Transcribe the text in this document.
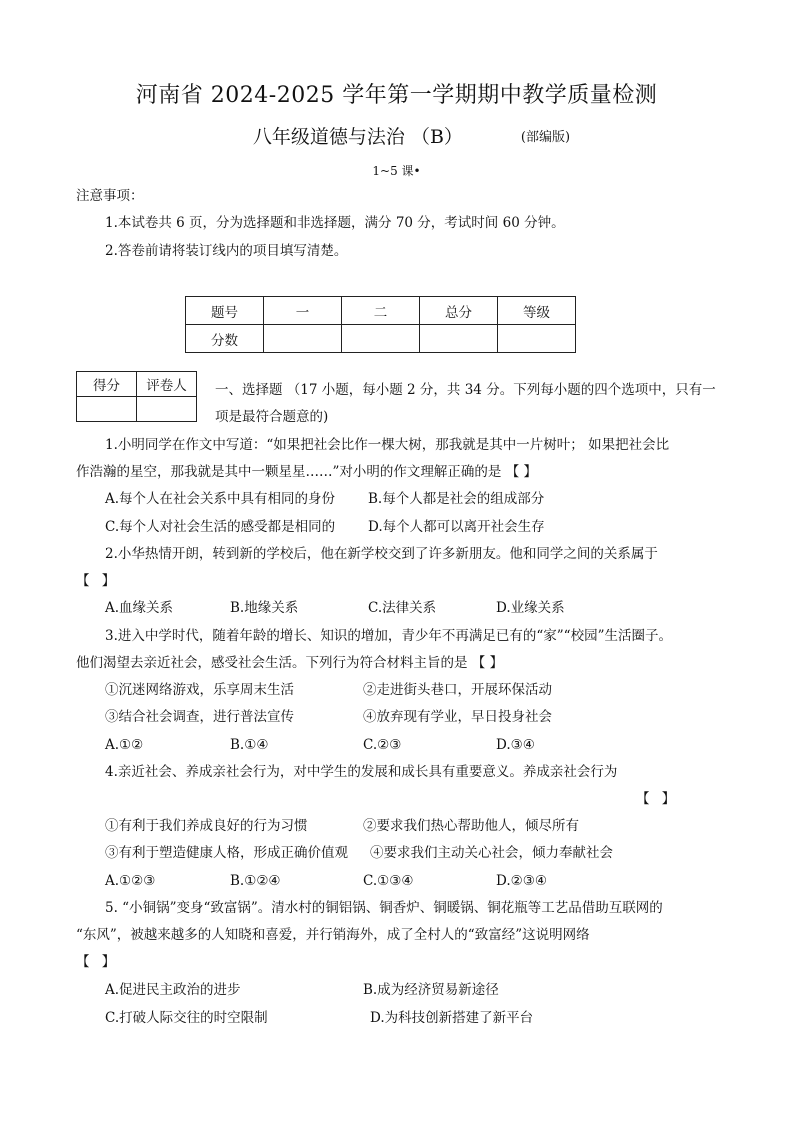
河南省 2024-2025 学年第一学期期中教学质量检测
八年级道德与法治 （B）	(部编版)
1~5 课•
注意事项：
1.本试卷共 6 页，分为选择题和非选择题，满分 70 分，考试时间 60 分钟。
2.答卷前请将装订线内的项目填写清楚。
题号	一	二	总分	等级
分数				
得分	评卷人
	一、选择题 （17 小题，每小题 2 分，共 34 分。下列每小题的四个选项中，只有一
项是最符合题意的)
1.小明同学在作文中写道：“如果把社会比作一棵大树，那我就是其中一片树叶； 如果把社会比
作浩瀚的星空，那我就是其中一颗星星……”对小明的作文理解正确的是 【 】
A.每个人在社会关系中具有相同的身份 B.每个人都是社会的组成部分
C.每个人对社会生活的感受都是相同的 D.每个人都可以离开社会生存
2.小华热情开朗，转到新的学校后，他在新学校交到了许多新朋友。他和同学之间的关系属于
【 】
A.血缘关系	B.地缘关系	C.法律关系	D.业缘关系
3.进入中学时代，随着年龄的增长、知识的增加，青少年不再满足已有的“家”“校园”生活圈子。
他们渴望去亲近社会，感受社会生活。下列行为符合材料主旨的是 【 】
①沉迷网络游戏，乐享周末生活	②走进街头巷口，开展环保活动
③结合社会调查，进行普法宣传	④放弃现有学业，早日投身社会
A.①②	B.①④	C.②③	D.③④
4.亲近社会、养成亲社会行为，对中学生的发展和成长具有重要意义。养成亲社会行为
【 】
①有利于我们养成良好的行为习惯	②要求我们热心帮助他人，倾尽所有
③有利于塑造健康人格，形成正确价值观 ④要求我们主动关心社会，倾力奉献社会
A.①②③	B.①②④	C.①③④	D.②③④
5. “小铜锅”变身“致富锅”。清水村的铜铝锅、铜香炉、铜暖锅、铜花瓶等工艺品借助互联网的
“东风”，被越来越多的人知晓和喜爱，并行销海外，成了全村人的“致富经”这说明网络
【 】
A.促进民主政治的进步	B.成为经济贸易新途径
C.打破人际交往的时空限制	D.为科技创新搭建了新平台
